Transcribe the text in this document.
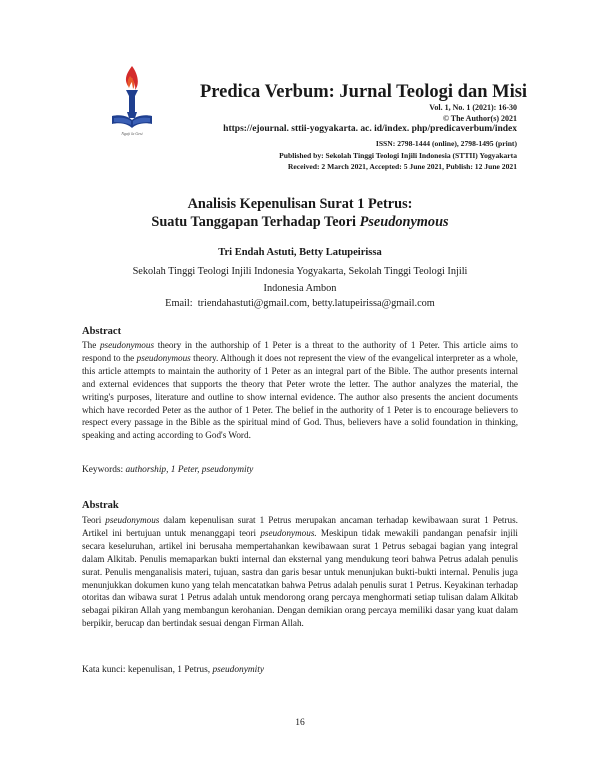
Ngaji la Gesi
Predica Verbum: Jurnal Teologi dan Misi
Vol. 1, No. 1 (2021): 16-30
© The Author(s) 2021
https://ejournal. sttii-yogyakarta. ac. id/index. php/predicaverbum/index
ISSN: 2798-1444 (online), 2798-1495 (print)
Published by: Sekolah Tinggi Teologi Injili Indonesia (STTII) Yogyakarta
Received: 2 March 2021, Accepted: 5 June 2021, Publish: 12 June 2021
Analisis Kepenulisan Surat 1 Petrus:
Suatu Tanggapan Terhadap Teori Pseudonymous
Tri Endah Astuti, Betty Latupeirissa
Sekolah Tinggi Teologi Injili Indonesia Yogyakarta, Sekolah Tinggi Teologi Injili
Indonesia Ambon
Email: triendahastuti@gmail.com, betty.latupeirissa@gmail.com
Abstract
The pseudonymous theory in the authorship of 1 Peter is a threat to the authority of 1 Peter. This article aims to respond to the pseudonymous theory. Although it does not represent the view of the evangelical interpreter as a whole, this article attempts to maintain the authority of 1 Peter as an integral part of the Bible. The author presents internal and external evidences that supports the theory that Peter wrote the letter. The author analyzes the material, the writing's purposes, literature and outline to show internal evidence. The author also presents the ancient documents which have recorded Peter as the author of 1 Peter. The belief in the authority of 1 Peter is to encourage believers to respect every passage in the Bible as the spiritual mind of God. Thus, believers have a solid foundation in thinking, speaking and acting according to God's Word.
Keywords: authorship, 1 Peter, pseudonymity
Abstrak
Teori pseudonymous dalam kepenulisan surat 1 Petrus merupakan ancaman terhadap kewibawaan surat 1 Petrus. Artikel ini bertujuan untuk menanggapi teori pseudonymous. Meskipun tidak mewakili pandangan penafsir injili secara keseluruhan, artikel ini berusaha mempertahankan kewibawaan surat 1 Petrus sebagai bagian yang integral dalam Alkitab. Penulis memaparkan bukti internal dan eksternal yang mendukung teori bahwa Petrus adalah penulis surat. Penulis menganalisis materi, tujuan, sastra dan garis besar untuk menunjukan bukti-bukti internal. Penulis juga menunjukkan dokumen kuno yang telah mencatatkan bahwa Petrus adalah penulis surat 1 Petrus. Keyakinan terhadap otoritas dan wibawa surat 1 Petrus adalah untuk mendorong orang percaya menghormati setiap tulisan dalam Alkitab sebagai pikiran Allah yang membangun kerohanian. Dengan demikian orang percaya memiliki dasar yang kuat dalam berpikir, berucap dan bertindak sesuai dengan Firman Allah.
Kata kunci: kepenulisan, 1 Petrus, pseudonymity
16
